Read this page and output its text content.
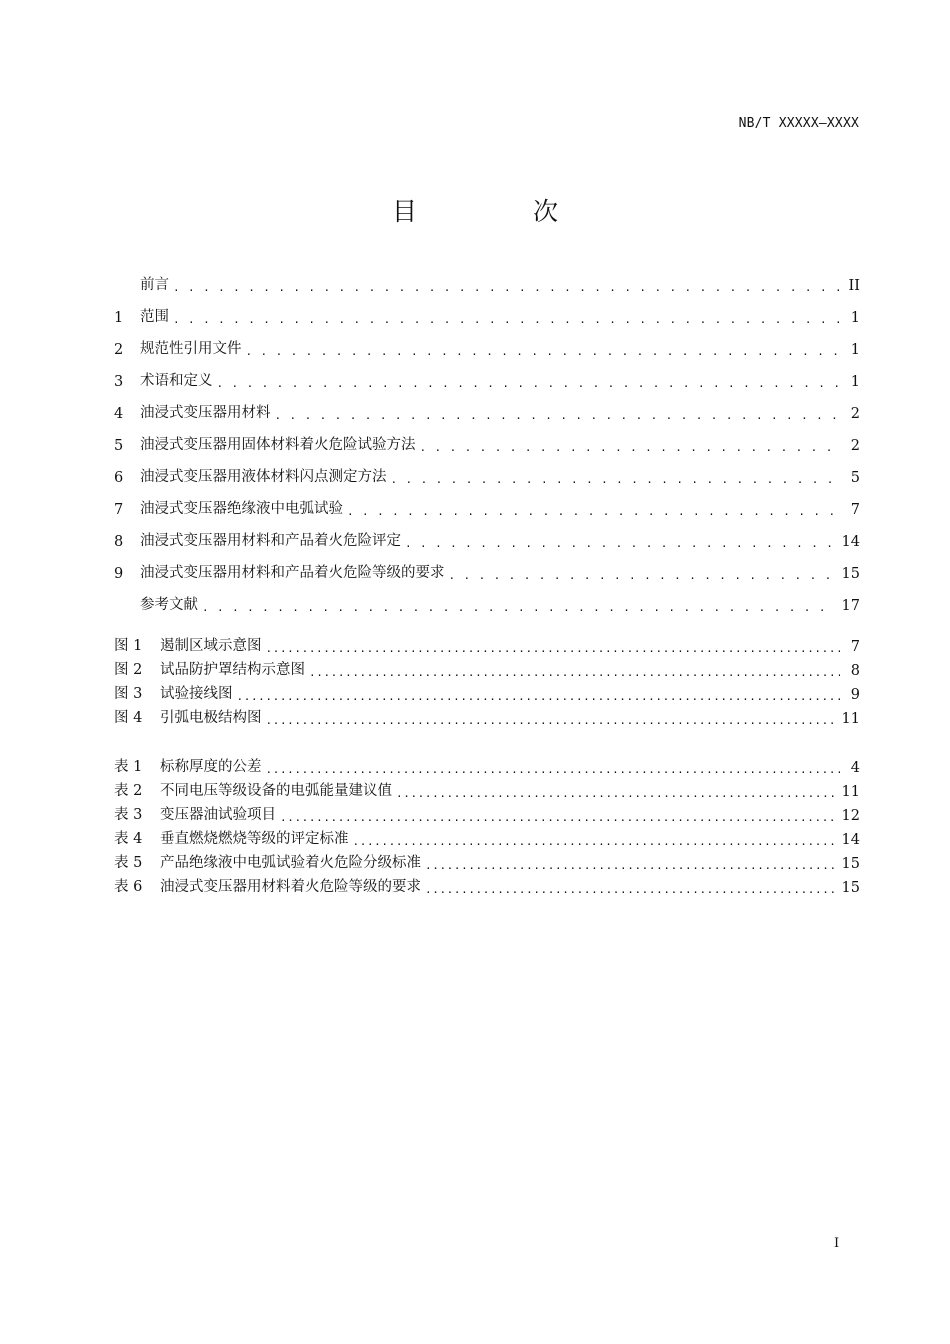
NB/T XXXXX—XXXX
目 次
前言 . . .	II
1	范围 . . .	1
2	规范性引用文件 . . .	1
3	术语和定义 . . .	1
4	油浸式变压器用材料 . . .	2
5	油浸式变压器用固体材料着火危险试验方法 . . .	2
6	油浸式变压器用液体材料闪点测定方法 . . .	5
7	油浸式变压器绝缘液中电弧试验 . . .	7
8	油浸式变压器用材料和产品着火危险评定 . . .	14
9	油浸式变压器用材料和产品着火危险等级的要求 . . .	15
参考文献 . . .	17
图 1	遏制区域示意图 .....	7
图 2	试品防护罩结构示意图 .....	8
图 3	试验接线图 .....	9
图 4	引弧电极结构图 .....	11
表 1	标称厚度的公差 .....	4
表 2	不同电压等级设备的电弧能量建议值 .....	11
表 3	变压器油试验项目 .....	12
表 4	垂直燃烧燃烧等级的评定标准 .....	14
表 5	产品绝缘液中电弧试验着火危险分级标准 .....	15
表 6	油浸式变压器用材料着火危险等级的要求 .....	15
I
